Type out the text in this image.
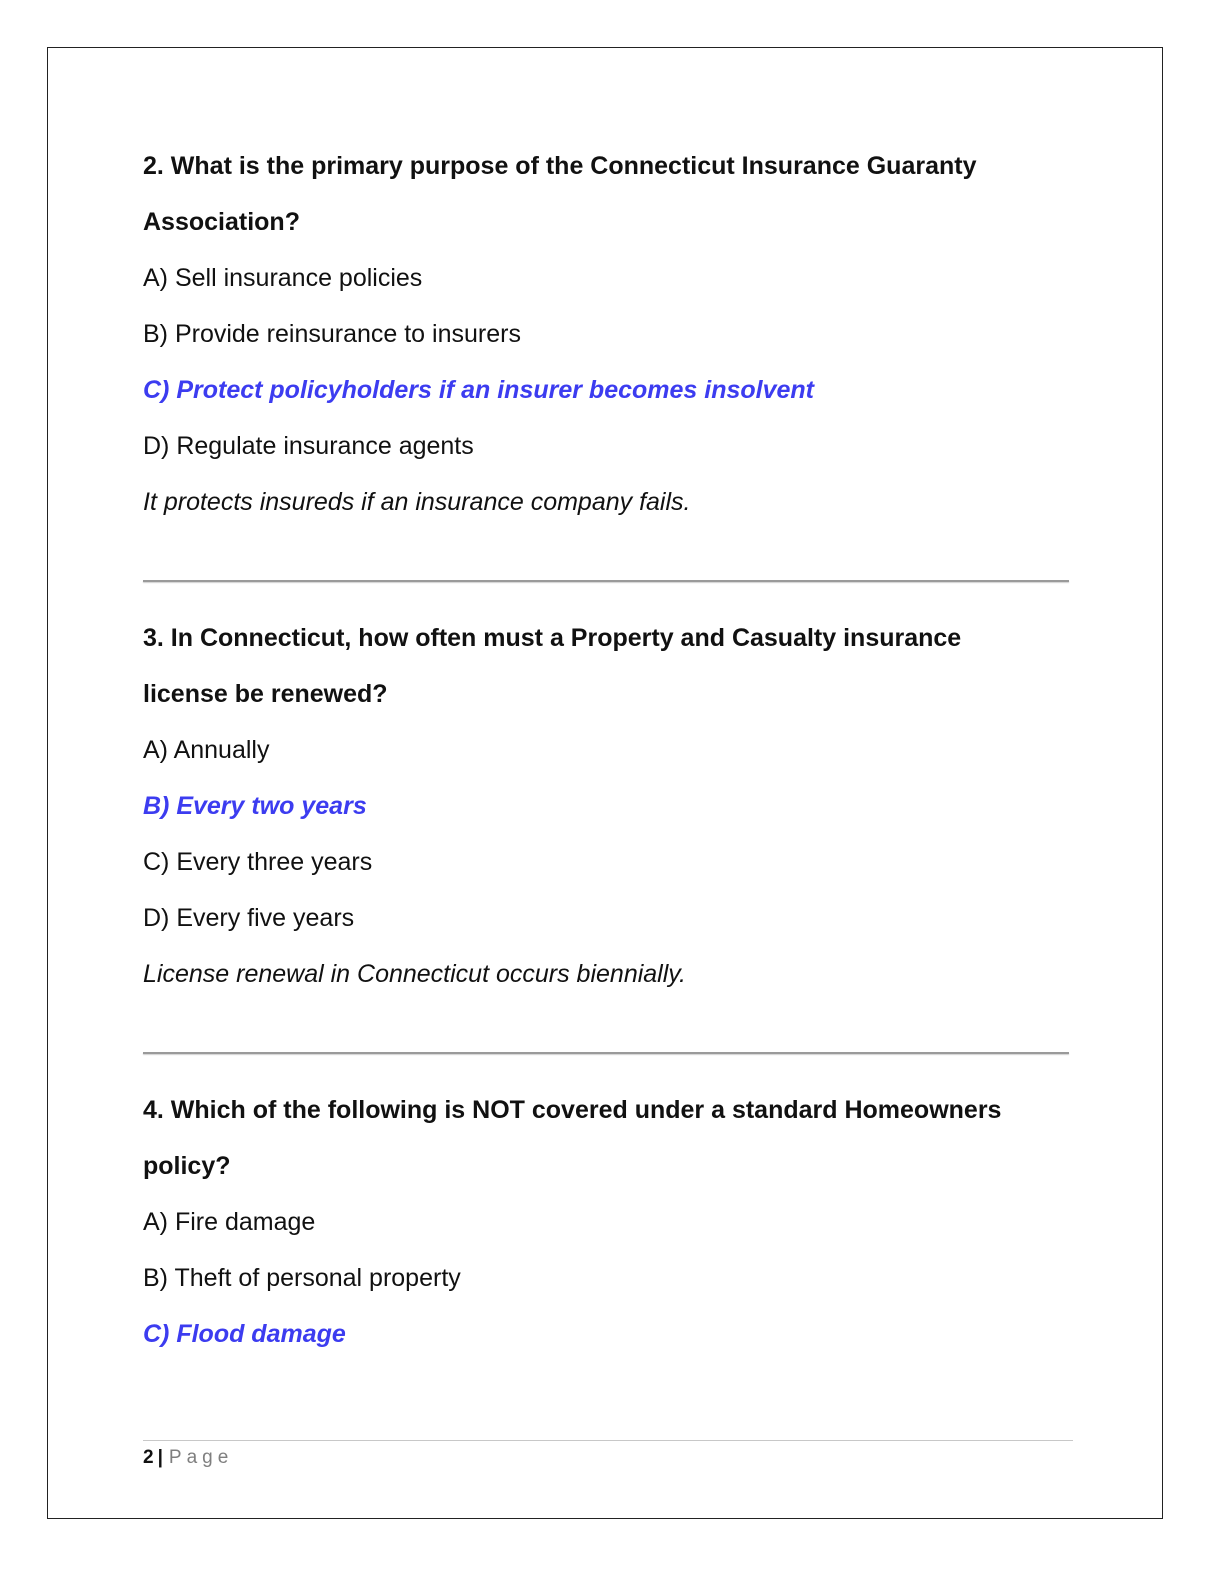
2. What is the primary purpose of the Connecticut Insurance Guaranty

Association?

A) Sell insurance policies

B) Provide reinsurance to insurers

C) Protect policyholders if an insurer becomes insolvent

D) Regulate insurance agents

It protects insureds if an insurance company fails.

3. In Connecticut, how often must a Property and Casualty insurance

license be renewed?

A) Annually

B) Every two years

C) Every three years

D) Every five years

License renewal in Connecticut occurs biennially.

4. Which of the following is NOT covered under a standard Homeowners

policy?

A) Fire damage

B) Theft of personal property

C) Flood damage

2 | Page
